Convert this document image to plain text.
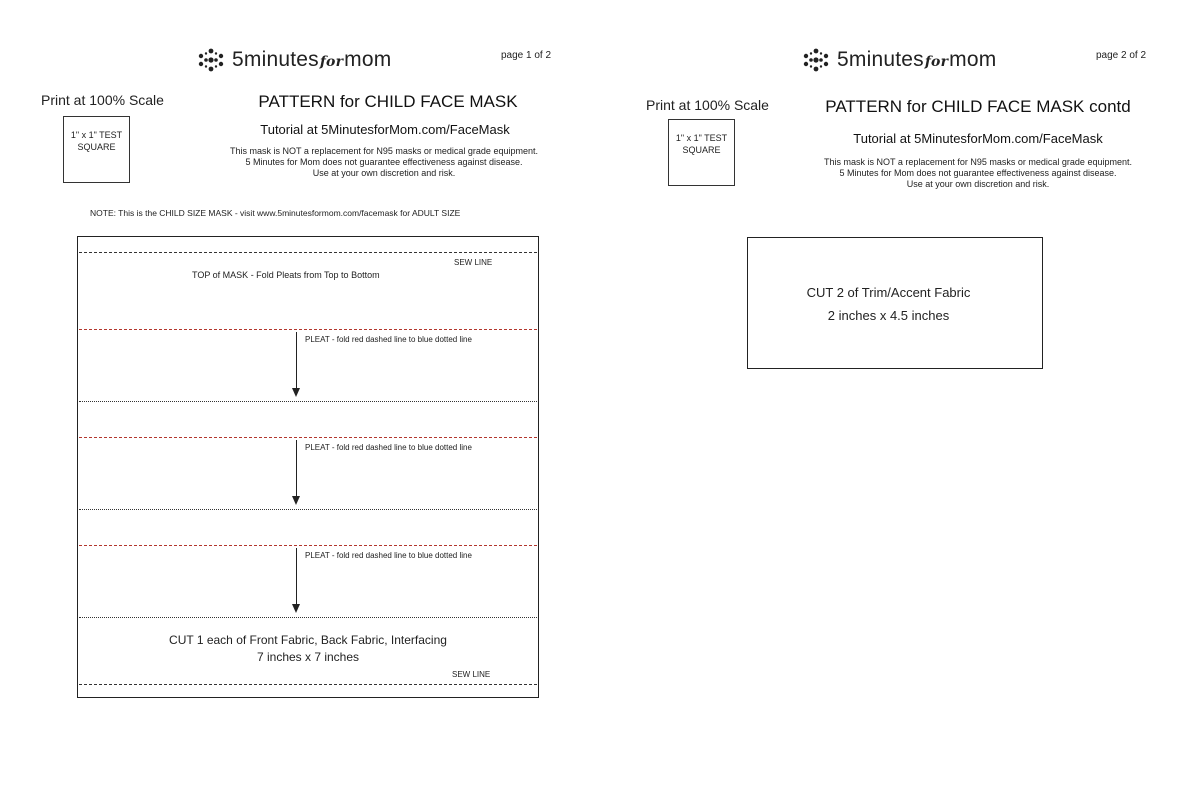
5minutesformom	page 1 of 2
Print at 100% Scale
1" x 1" TEST
SQUARE
PATTERN for CHILD FACE MASK
Tutorial at 5MinutesforMom.com/FaceMask
This mask is NOT a replacement for N95 masks or medical grade equipment.
5 Minutes for Mom does not guarantee effectiveness against disease.
Use at your own discretion and risk.
NOTE: This is the CHILD SIZE MASK - visit www.5minutesformom.com/facemask for ADULT SIZE
SEW LINE
TOP of MASK - Fold Pleats from Top to Bottom
PLEAT - fold red dashed line to blue dotted line
PLEAT - fold red dashed line to blue dotted line
PLEAT - fold red dashed line to blue dotted line
CUT 1 each of Front Fabric, Back Fabric, Interfacing
7 inches x 7 inches
SEW LINE
5minutesformom	page 2 of 2
Print at 100% Scale
1" x 1" TEST
SQUARE
PATTERN for CHILD FACE MASK contd
Tutorial at 5MinutesforMom.com/FaceMask
This mask is NOT a replacement for N95 masks or medical grade equipment.
5 Minutes for Mom does not guarantee effectiveness against disease.
Use at your own discretion and risk.
CUT 2 of Trim/Accent Fabric
2 inches x 4.5 inches
